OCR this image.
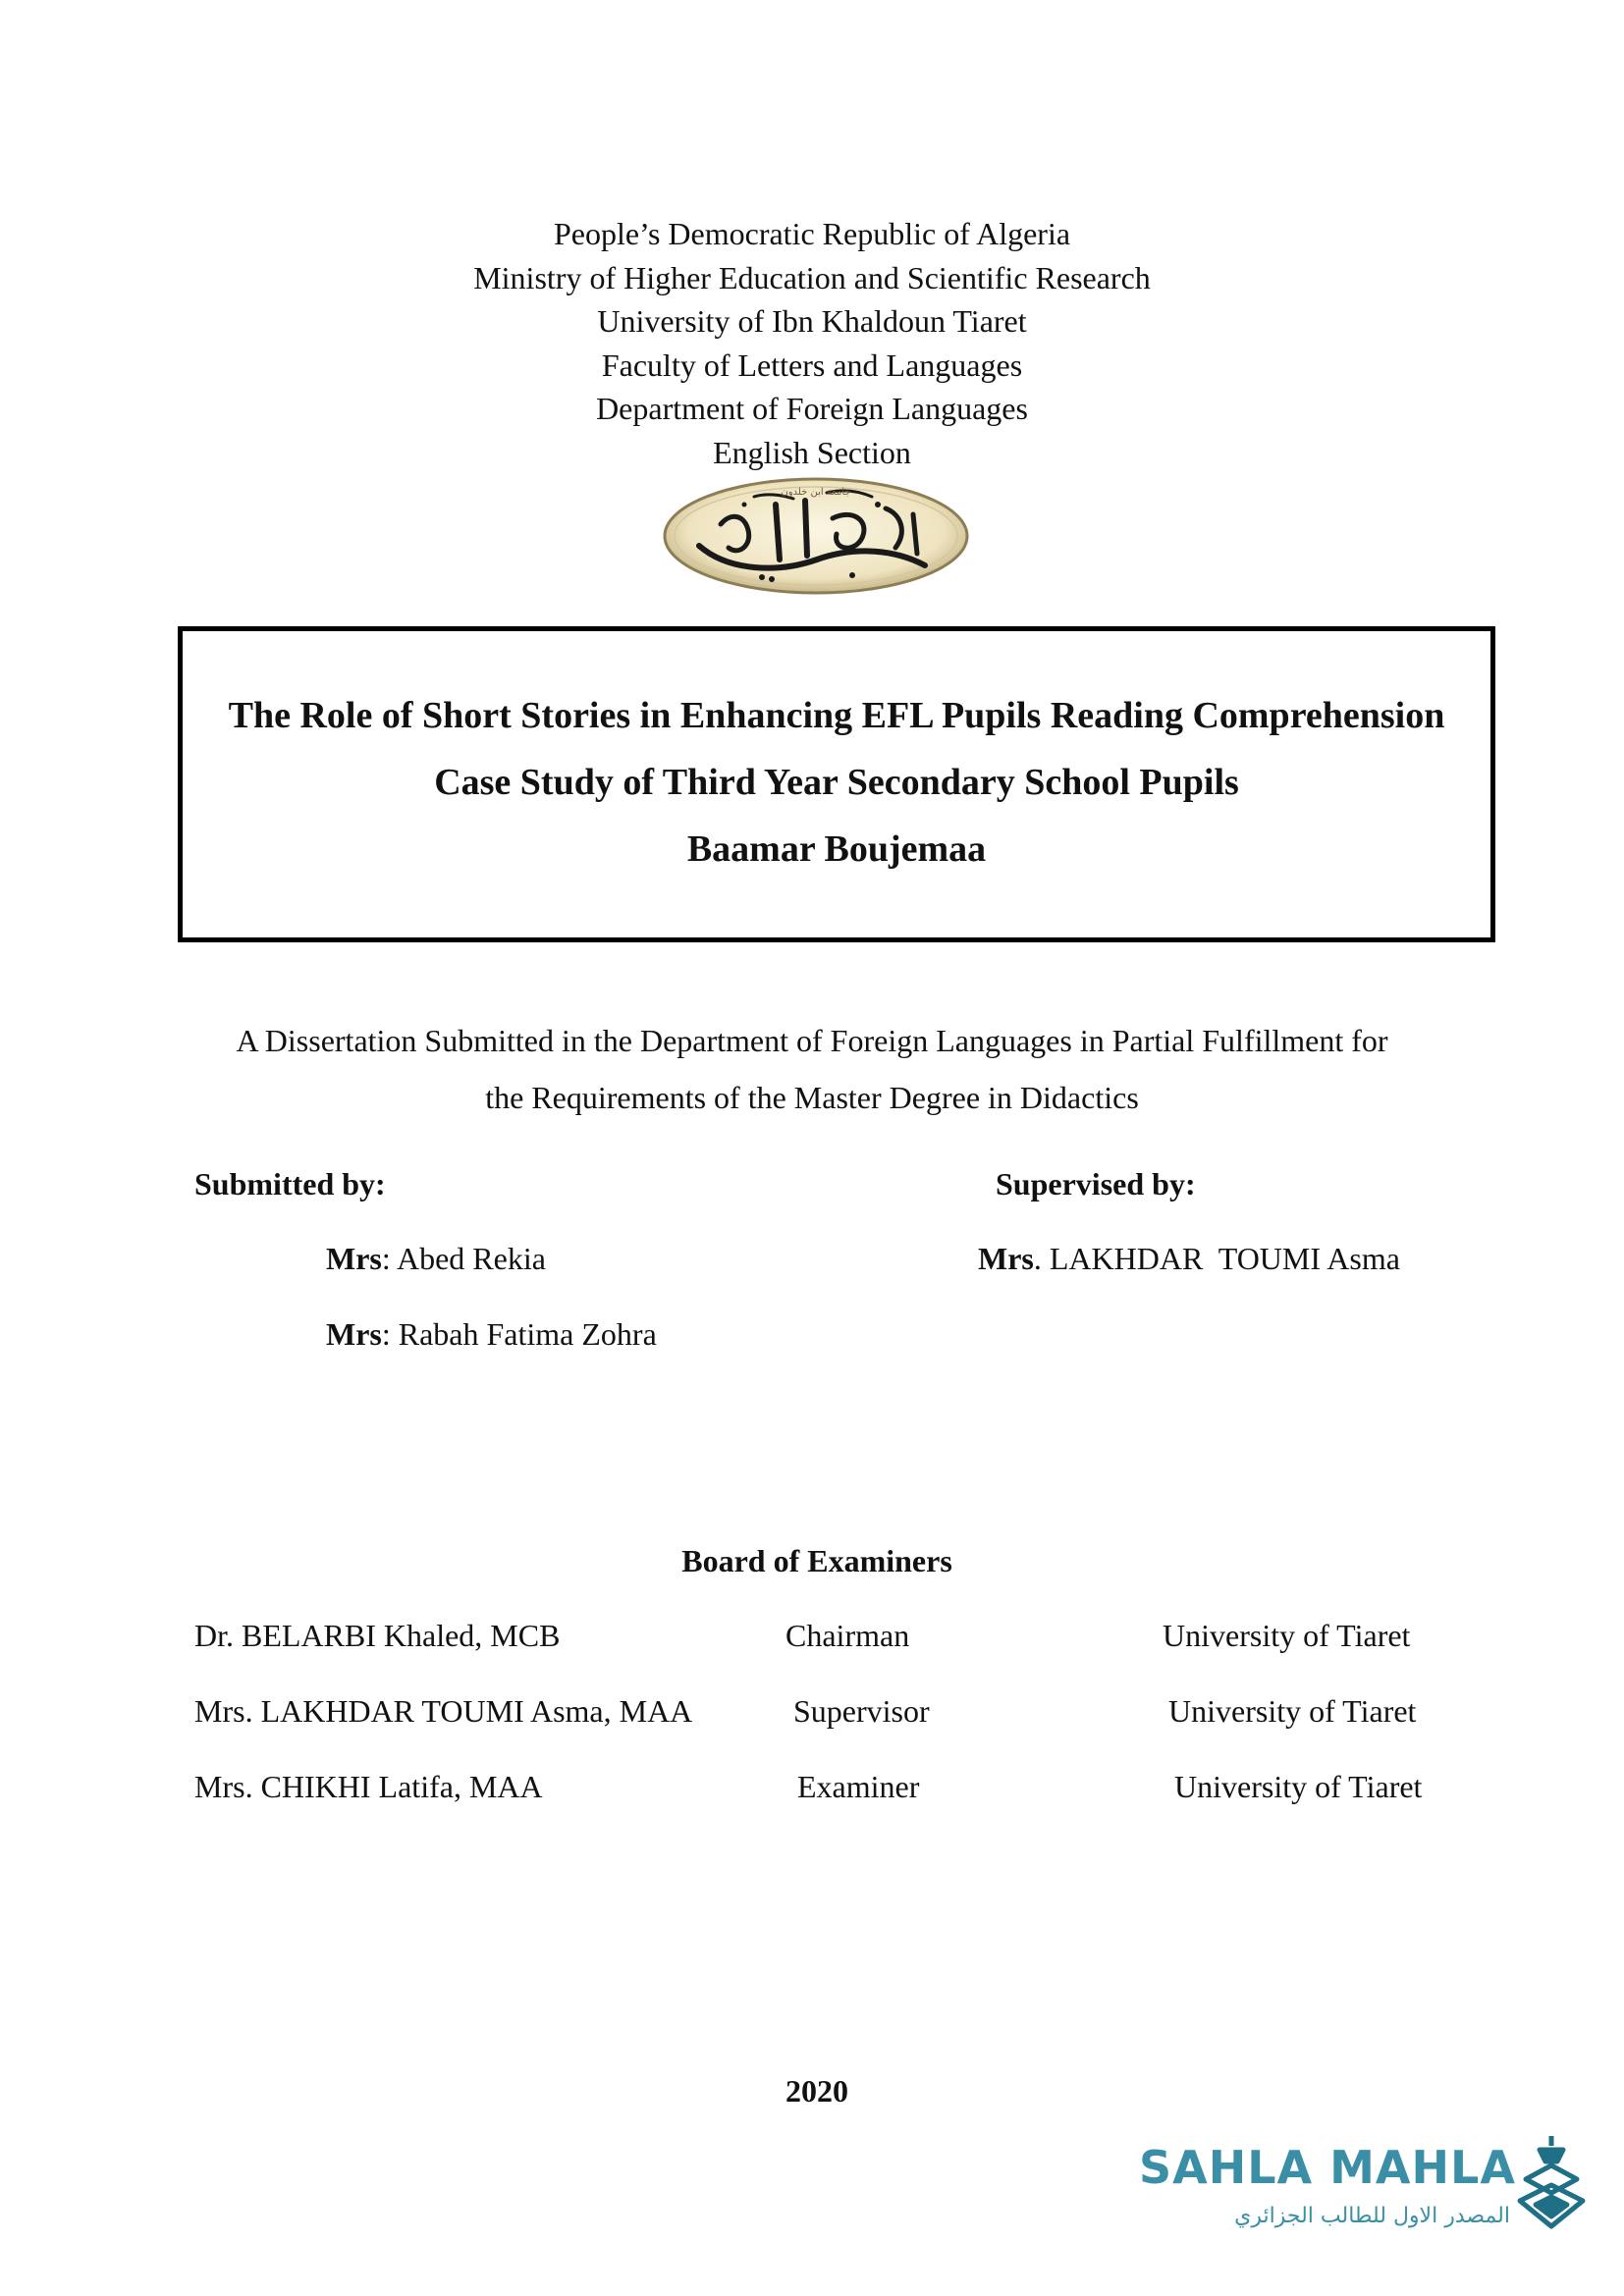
People’s Democratic Republic of Algeria
Ministry of Higher Education and Scientific Research
University of Ibn Khaldoun Tiaret
Faculty of Letters and Languages
Department of Foreign Languages
English Section
جامعة ابن خلدون
The Role of Short Stories in Enhancing EFL Pupils Reading Comprehension
Case Study of Third Year Secondary School Pupils
Baamar Boujemaa
A Dissertation Submitted in the Department of Foreign Languages in Partial Fulfillment for
the Requirements of the Master Degree in Didactics
Submitted by:	Supervised by:
Mrs: Abed Rekia	Mrs. LAKHDAR  TOUMI Asma
Mrs: Rabah Fatima Zohra
Board of Examiners
Dr. BELARBI Khaled, MCB	Chairman	University of Tiaret
Mrs. LAKHDAR TOUMI Asma, MAA	Supervisor	University of Tiaret
Mrs. CHIKHI Latifa, MAA	Examiner	University of Tiaret
2020
SAHLA MAHLA
المصدر الاول للطالب الجزائري
